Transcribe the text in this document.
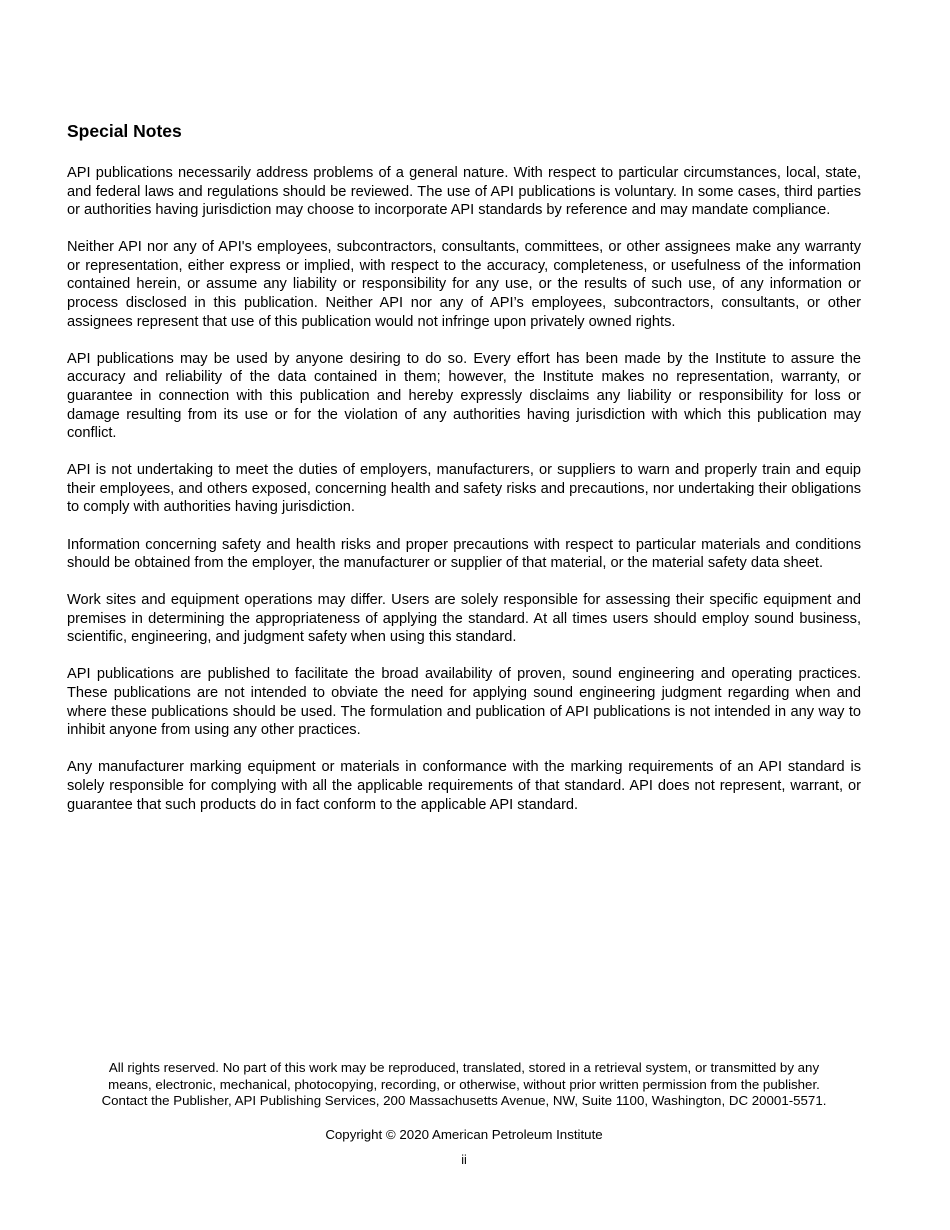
Special Notes

API publications necessarily address problems of a general nature. With respect to particular circumstances, local, state, and federal laws and regulations should be reviewed. The use of API publications is voluntary. In some cases, third parties or authorities having jurisdiction may choose to incorporate API standards by reference and may mandate compliance.

Neither API nor any of API's employees, subcontractors, consultants, committees, or other assignees make any warranty or representation, either express or implied, with respect to the accuracy, completeness, or usefulness of the information contained herein, or assume any liability or responsibility for any use, or the results of such use, of any information or process disclosed in this publication. Neither API nor any of API’s employees, subcontractors, consultants, or other assignees represent that use of this publication would not infringe upon privately owned rights.

API publications may be used by anyone desiring to do so. Every effort has been made by the Institute to assure the accuracy and reliability of the data contained in them; however, the Institute makes no representation, warranty, or guarantee in connection with this publication and hereby expressly disclaims any liability or responsibility for loss or damage resulting from its use or for the violation of any authorities having jurisdiction with which this publication may conflict.

API is not undertaking to meet the duties of employers, manufacturers, or suppliers to warn and properly train and equip their employees, and others exposed, concerning health and safety risks and precautions, nor undertaking their obligations to comply with authorities having jurisdiction.

Information concerning safety and health risks and proper precautions with respect to particular materials and conditions should be obtained from the employer, the manufacturer or supplier of that material, or the material safety data sheet.

Work sites and equipment operations may differ. Users are solely responsible for assessing their specific equipment and premises in determining the appropriateness of applying the standard. At all times users should employ sound business, scientific, engineering, and judgment safety when using this standard.

API publications are published to facilitate the broad availability of proven, sound engineering and operating practices. These publications are not intended to obviate the need for applying sound engineering judgment regarding when and where these publications should be used. The formulation and publication of API publications is not intended in any way to inhibit anyone from using any other practices.

Any manufacturer marking equipment or materials in conformance with the marking requirements of an API standard is solely responsible for complying with all the applicable requirements of that standard. API does not represent, warrant, or guarantee that such products do in fact conform to the applicable API standard.

All rights reserved. No part of this work may be reproduced, translated, stored in a retrieval system, or transmitted by any
means, electronic, mechanical, photocopying, recording, or otherwise, without prior written permission from the publisher.
Contact the Publisher, API Publishing Services, 200 Massachusetts Avenue, NW, Suite 1100, Washington, DC 20001-5571.

Copyright © 2020 American Petroleum Institute

ii
